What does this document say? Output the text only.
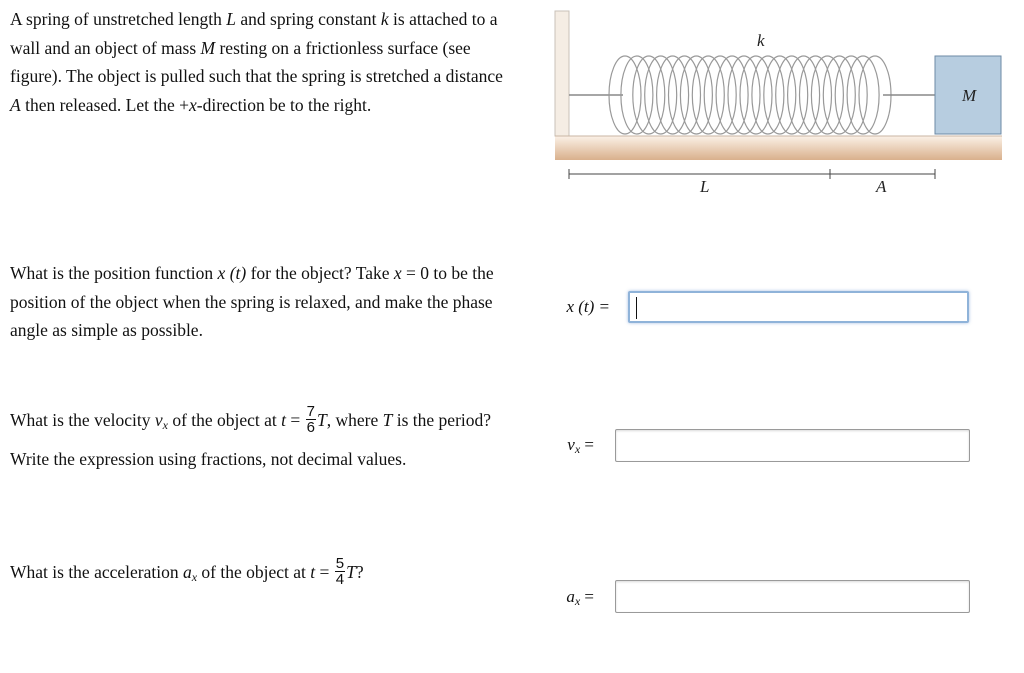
A spring of unstretched length L and spring constant k is attached to a wall and an object of mass M resting on a frictionless surface (see figure). The object is pulled such that the spring is stretched a distance A then released. Let the +x-direction be to the right.	M
k
L	A
What is the position function x (t) for the object? Take x = 0 to be the position of the object when the spring is relaxed, and make the phase angle as simple as possible.
x (t) =
What is the velocity $v_x$ of the object at $t = \frac{7}{6} T$, where T is the period? Write the expression using fractions, not decimal values.
$v_x$ =
What is the acceleration $a_x$ of the object at $t = \frac{5}{4} T$?
$a_x$ =
